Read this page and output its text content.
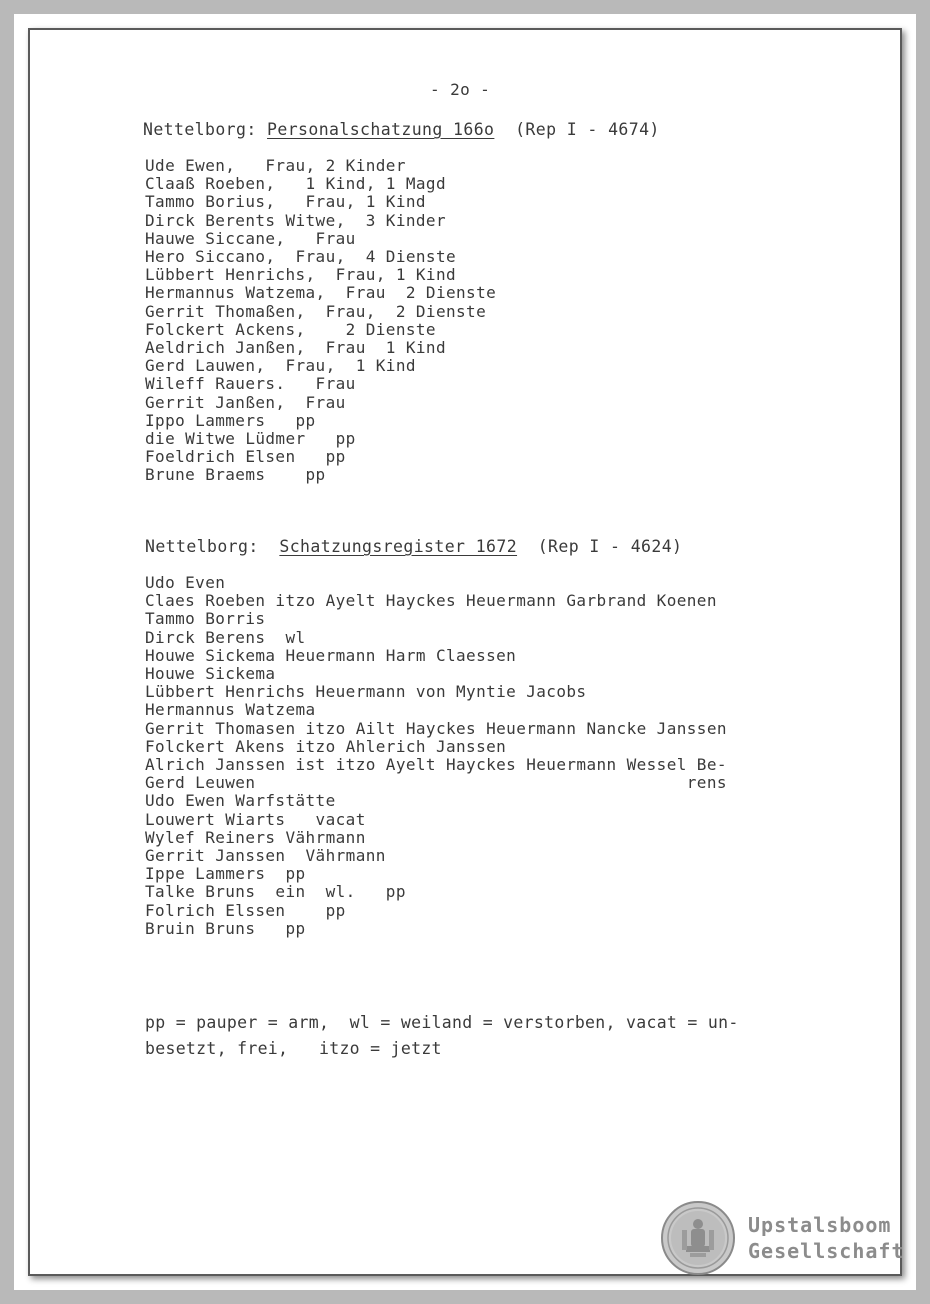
- 2o -
Nettelborg: Personalschatzung 166o (Rep I - 4674)
Ude Ewen,   Frau, 2 Kinder
Claaß Roeben,   1 Kind, 1 Magd
Tammo Borius,   Frau, 1 Kind
Dirck Berents Witwe,  3 Kinder
Hauwe Siccane,   Frau
Hero Siccano,  Frau,  4 Dienste
Lübbert Henrichs,  Frau, 1 Kind
Hermannus Watzema,  Frau  2 Dienste
Gerrit Thomaßen,  Frau,  2 Dienste
Folckert Ackens,    2 Dienste
Aeldrich Janßen,  Frau  1 Kind
Gerd Lauwen,  Frau,  1 Kind
Wileff Rauers.   Frau
Gerrit Janßen,  Frau
Ippo Lammers   pp
die Witwe Lüdmer   pp
Foeldrich Elsen   pp
Brune Braems    pp
Nettelborg: Schatzungsregister 1672 (Rep I - 4624)
Udo Even
Claes Roeben itzo Ayelt Hayckes Heuermann Garbrand Koenen
Tammo Borris
Dirck Berens  wl
Houwe Sickema Heuermann Harm Claessen
Houwe Sickema
Lübbert Henrichs Heuermann von Myntie Jacobs
Hermannus Watzema
Gerrit Thomasen itzo Ailt Hayckes Heuermann Nancke Janssen
Folckert Akens itzo Ahlerich Janssen
Alrich Janssen ist itzo Ayelt Hayckes Heuermann Wessel Be-
Gerd Leuwen                                           rens
Udo Ewen Warfstätte
Louwert Wiarts   vacat
Wylef Reiners Vährmann
Gerrit Janssen  Vährmann
Ippe Lammers  pp
Talke Bruns  ein  wl.   pp
Folrich Elssen    pp
Bruin Bruns   pp
pp = pauper = arm,  wl = weiland = verstorben, vacat = un-
besetzt, frei,   itzo = jetzt
Upstalsboom
Gesellschaft
